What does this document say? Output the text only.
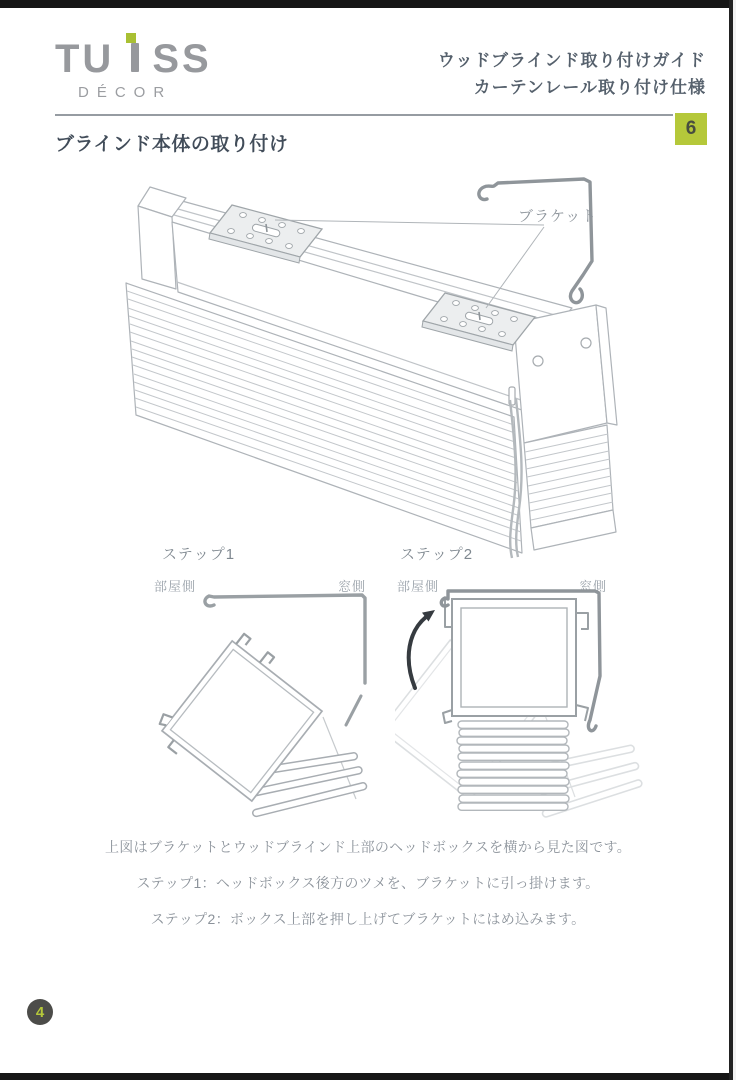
TU SS
DÉCOR
ウッドブラインド取り付けガイド
カーテンレール取り付け仕様
6
ブラインド本体の取り付け
ブラケット
ステップ1
部屋側	窓側
ステップ2
部屋側	窓側
上図はブラケットとウッドブラインド上部のヘッドボックスを横から見た図です。
ステップ1：ヘッドボックス後方のツメを、ブラケットに引っ掛けます。
ステップ2：ボックス上部を押し上げてブラケットにはめ込みます。
4
